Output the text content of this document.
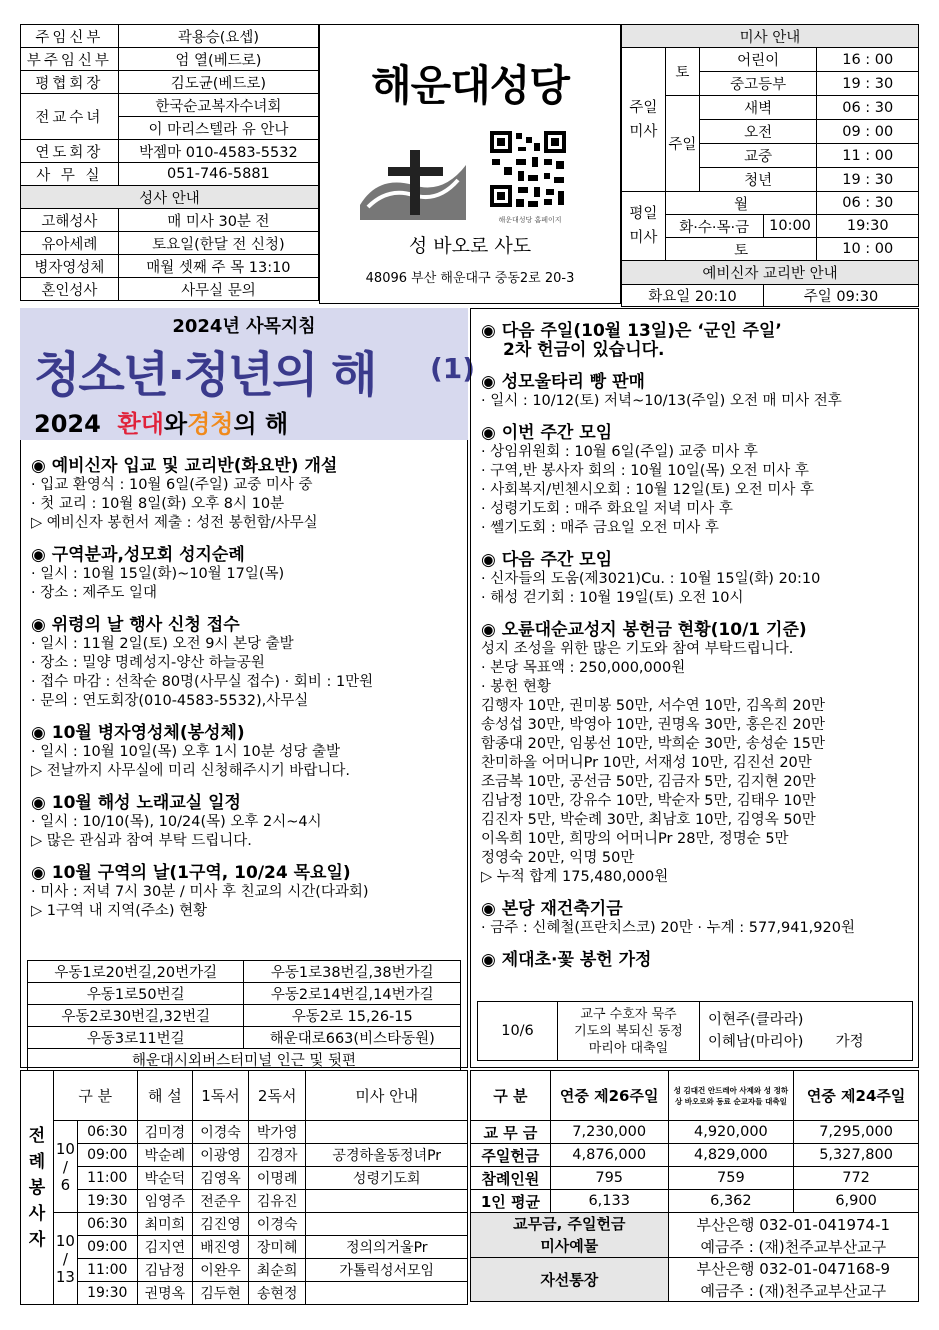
주임신부	곽용승(요셉)
부주임신부	엄 열(베드로)
평협회장	김도균(베드로)
전교수녀	한국순교복자수녀회
	이 마리스텔라 유 안나
연도회장	박젬마 010-4583-5532
사 무 실	051-746-5881
성사 안내	
고해성사	매 미사 30분 전
유아세례	토요일(한달 전 신청)
병자영성체	매월 셋째 주 목 13:10
혼인성사	사무실 문의
해운대성당
해운대성당 홈페이지
성 바오로 사도
48096 부산 해운대구 중동2로 20-3
미사 안내				

주일
미사	토	어린이		16 : 00
		중고등부		19 : 30
	주일	새벽		06 : 30
		오전		09 : 00
		교중		11 : 00
		청년		19 : 30

평일
미사	월			06 : 30
	화·수·목·금		10:00	19:30
	토			10 : 00
예비신자 교리반 안내				
화요일 20:10	주일 09:30
2024년 사목지침
청소년·청년의 해 (1)
2024 환대와경청의 해
◉ 예비신자 입교 및 교리반(화요반) 개설
· 입교 환영식 : 10월 6일(주일) 교중 미사 중
· 첫 교리 : 10월 8일(화) 오후 8시 10분
▷ 예비신자 봉헌서 제출 : 성전 봉헌함/사무실
◉ 구역분과,성모회 성지순례
· 일시 : 10월 15일(화)~10월 17일(목)
· 장소 : 제주도 일대
◉ 위령의 날 행사 신청 접수
· 일시 : 11월 2일(토) 오전 9시 본당 출발
· 장소 : 밀양 명례성지-양산 하늘공원
· 접수 마감 : 선착순 80명(사무실 접수) · 회비 : 1만원
· 문의 : 연도회장(010-4583-5532),사무실
◉ 10월 병자영성체(봉성체)
· 일시 : 10월 10일(목) 오후 1시 10분 성당 출발
▷ 전날까지 사무실에 미리 신청해주시기 바랍니다.
◉ 10월 해성 노래교실 일정
· 일시 : 10/10(목), 10/24(목) 오후 2시~4시
▷ 많은 관심과 참여 부탁 드립니다.
◉ 10월 구역의 날(1구역, 10/24 목요일)
· 미사 : 저녁 7시 30분 / 미사 후 친교의 시간(다과회)
▷ 1구역 내 지역(주소) 현황
우동1로20번길,20번가길	우동1로38번길,38번가길
우동1로50번길	우동2로14번길,14번가길
우동2로30번길,32번길	우동2로 15,26-15
우동3로11번길	해운대로663(비스타동원)
해운대시외버스터미널 인근 및 뒷편	
◉ 다음 주일(10월 13일)은 ‘군인 주일’
2차 헌금이 있습니다.
◉ 성모울타리 빵 판매
· 일시 : 10/12(토) 저녁~10/13(주일) 오전 매 미사 전후
◉ 이번 주간 모임
· 상임위원회 : 10월 6일(주일) 교중 미사 후
· 구역,반 봉사자 회의 : 10월 10일(목) 오전 미사 후
· 사회복지/빈첸시오회 : 10월 12일(토) 오전 미사 후
· 성령기도회 : 매주 화요일 저녁 미사 후
· 쎌기도회 : 매주 금요일 오전 미사 후
◉ 다음 주간 모임
· 신자들의 도움(제3021)Cu. : 10월 15일(화) 20:10
· 해성 걷기회 : 10월 19일(토) 오전 10시
◉ 오륜대순교성지 봉헌금 현황(10/1 기준)
성지 조성을 위한 많은 기도와 참여 부탁드립니다.
· 본당 목표액 : 250,000,000원
· 봉헌 현황
김행자 10만, 권미봉 50만, 서수연 10만, 김옥희 20만
송성섭 30만, 박영아 10만, 권명옥 30만, 홍은진 20만
함종대 20만, 임봉선 10만, 박희순 30만, 송성순 15만
찬미하올 어머니Pr 10만, 서재성 10만, 김진선 20만
조금복 10만, 공선금 50만, 김금자 5만, 김지현 20만
김남정 10만, 강유수 10만, 박순자 5만, 김태우 10만
김진자 5만, 박순례 30만, 최남호 10만, 김영옥 50만
이옥희 10만, 희망의 어머니Pr 28만, 정명순 5만
정영숙 20만, 익명 50만
▷ 누적 합계 175,480,000원
◉ 본당 재건축기금
· 금주 : 신혜철(프란치스코) 20만 · 누계 : 577,941,920원
◉ 제대초·꽃 봉헌 가정
10/6	
교구 수호자 묵주
기도의 복되신 동정
마리아 대축일

이현주(클라라)
이혜남(마리아) 가정
전례봉사자	구 분		해 설	1독서	2독서	미사 안내

	10
/
6	06:30	김미경	이경숙	박가영	
		09:00	박순례	이광영	김경자	공경하올동정녀Pr
		11:00	박순덕	김영옥	이명례	성령기도회
		19:30	임영주	전준우	김유진	

	10
/
13	06:30	최미희	김진영	이경숙	
		09:00	김지연	배진영	장미혜	정의의거울Pr
		11:00	김남정	이완우	최순희	가톨릭성서모임
		19:30	권명옥	김두현	송현정	
구 분	연중 제26주일	성 김대건 안드레아 사제와 성 정하상 바오로와 동료 순교자들 대축일	연중 제24주일
교 무 금	7,230,000	4,920,000	7,295,000
주일헌금	4,876,000	4,829,000	5,327,800
참례인원	795	759	772
1인 평균	6,133	6,362	6,900

교무금, 주일헌금
미사예물		부산은행 032-01-041974-1	
		예금주 : (재)천주교부산교구	

자선통장		부산은행 032-01-047168-9	
		예금주 : (재)천주교부산교구	
